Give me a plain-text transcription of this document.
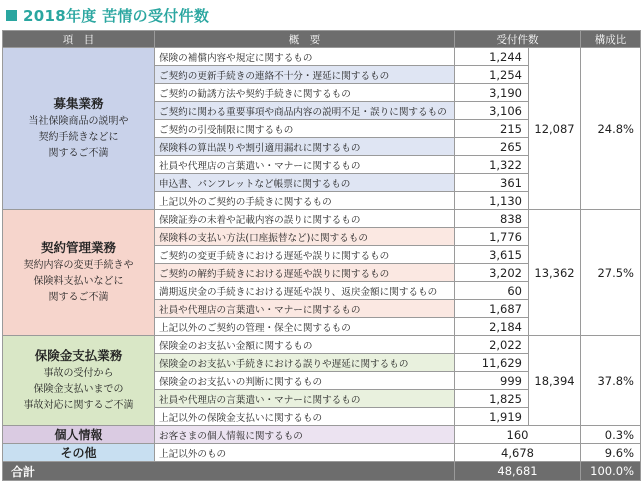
2018年度 苦情の受付件数
項　目	概　要	受付件数		構成比

募集業務
当社保険商品の説明や
契約手続きなどに
関するご不満	保険の補償内容や規定に関するもの	1,244	12,087	24.8%
	ご契約の更新手続きの連絡不十分・遅延に関するもの	1,254		
	ご契約の勧誘方法や契約手続きに関するもの	3,190		
	ご契約に関わる重要事項や商品内容の説明不足・誤りに関するもの	3,106		
	ご契約の引受制限に関するもの	215		
	保険料の算出誤りや割引適用漏れに関するもの	265		
	社員や代理店の言葉遣い・マナーに関するもの	1,322		
	申込書、パンフレットなど帳票に関するもの	361		
	上記以外のご契約の手続きに関するもの	1,130		

契約管理業務
契約内容の変更手続きや
保険料支払いなどに
関するご不満	保険証券の未着や記載内容の誤りに関するもの	838	13,362	27.5%
	保険料の支払い方法(口座振替など)に関するもの	1,776		
	ご契約の変更手続きにおける遅延や誤りに関するもの	3,615		
	ご契約の解約手続きにおける遅延や誤りに関するもの	3,202		
	満期返戻金の手続きにおける遅延や誤り、返戻金額に関するもの	60		
	社員や代理店の言葉遣い・マナーに関するもの	1,687		
	上記以外のご契約の管理・保全に関するもの	2,184		

保険金支払業務
事故の受付から
保険金支払いまでの
事故対応に関するご不満	保険金のお支払い金額に関するもの	2,022	18,394	37.8%
	保険金のお支払い手続きにおける誤りや遅延に関するもの	11,629		
	保険金のお支払いの判断に関するもの	999		
	社員や代理店の言葉遣い・マナーに関するもの	1,825		
	上記以外の保険金支払いに関するもの	1,919		
個人情報	お客さまの個人情報に関するもの	160		0.3%
その他	上記以外のもの	4,678		9.6%
合計		48,681		100.0%
